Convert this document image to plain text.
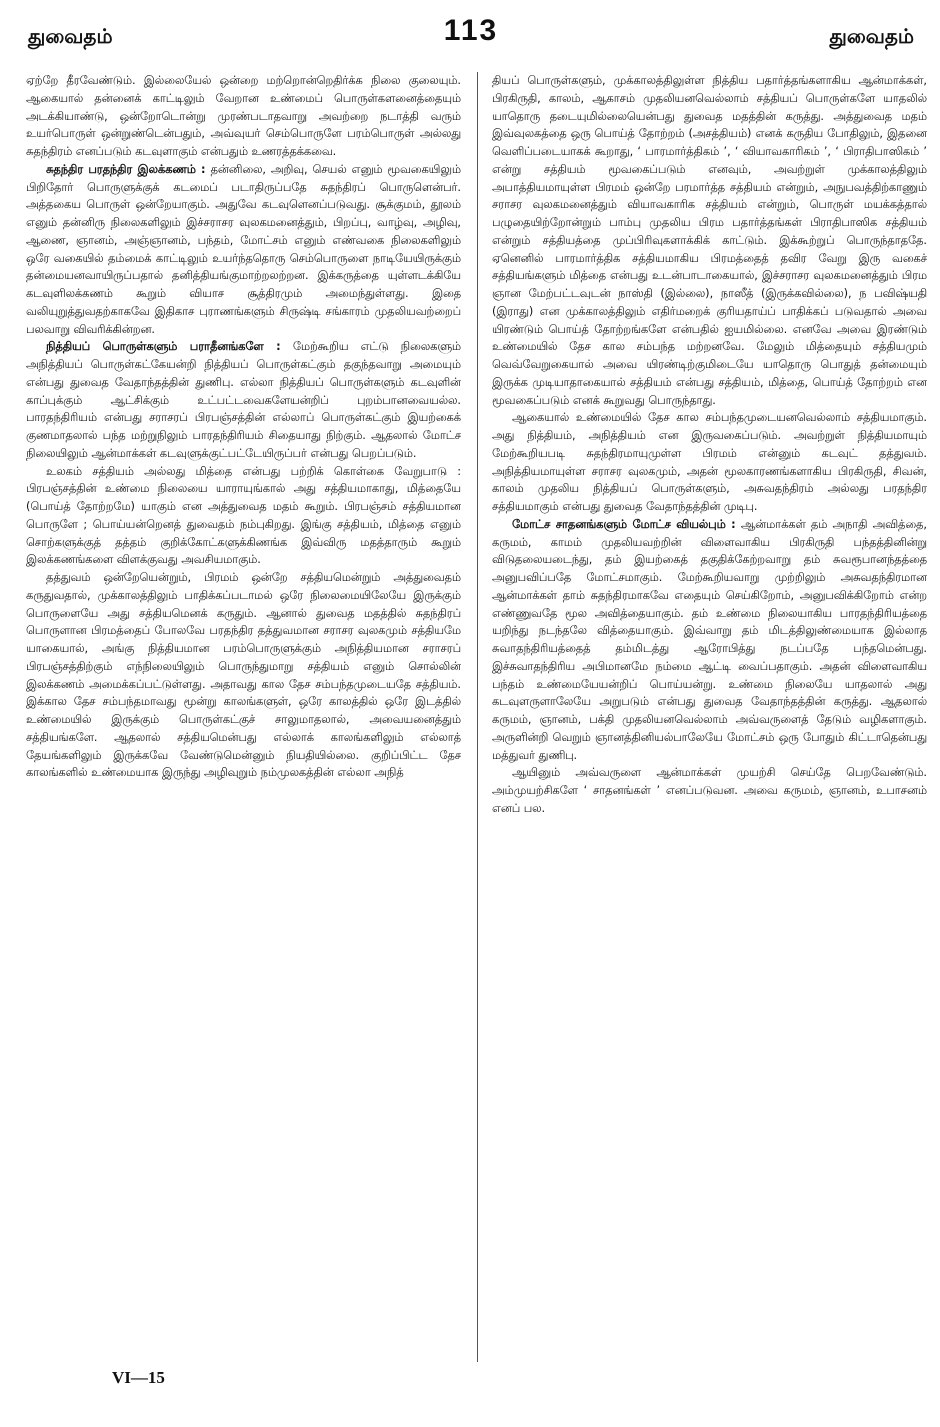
துவைதம்	113	துவைதம்

ஏற்றே தீரவேண்டும். இல்லையேல் ஒன்றை மற்றொன்றெதிர்க்க நிலை குலையும். ஆகையால் தன்னைக் காட்டிலும் வேறான உண்மைப் பொருள்களனைத்தையும் அடக்கியாண்டு, ஒன்றோடொன்று முரண்படாதவாறு அவற்றை நடாத்தி வரும் உயர்பொருள் ஒன்றுண்டென்பதும், அவ்வுயர் செம்பொருளே பரம்பொருள் அல்லது சுதந்திரம் எனப்படும் கடவுளாகும் என்பதும் உணரத்தக்கவை.

சுதந்திர பரதந்திர இலக்கணம் : தன்னிலை, அறிவு, செயல் எனும் மூவகையிலும் பிறிதோர் பொருளுக்குக் கடமைப் படாதிருப்பதே சுதந்திரப் பொருளென்பர். அத்தகைய பொருள் ஒன்றேயாகும். அதுவே கடவுளெனப்படுவது. சூக்குமம், தூலம் எனும் தன்னிரு நிலைகளிலும் இச்சராசர வுலகமனைத்தும், பிறப்பு, வாழ்வு, அழிவு, ஆணை, ஞானம், அஞ்ஞானம், பந்தம், மோட்சம் எனும் எண்வகை நிலைகளிலும் ஒரே வகையில் தம்மைக் காட்டிலும் உயர்ந்ததொரு செம்பொருளை நாடியேயிருக்கும் தன்மையனவாயிருப்பதால் தனித்தியங்குமாற்றலற்றன. இக்கருத்தை யுள்ளடக்கியே கடவுளிலக்கணம் கூறும் வியாச சூத்திரமும் அமைந்துள்ளது. இதை வலியுறுத்துவதற்காகவே இதிகாச புராணங்களும் சிருஷ்டி சங்காரம் முதலியவற்றைப் பலவாறு விவரிக்கின்றன.

நித்தியப் பொருள்களும் பராதீனங்களே : மேற்கூறிய எட்டு நிலைகளும் அநித்தியப் பொருள்கட்கேயன்றி நித்தியப் பொருள்கட்கும் தகுந்தவாறு அமையும் என்பது துவைத வேதாந்தத்தின் துணிபு. எல்லா நித்தியப் பொருள்களும் கடவுளின் காப்புக்கும் ஆட்சிக்கும் உட்பட்டவைகளேயன்றிப் புறம்பானவையல்ல. பாரதந்திரியம் என்பது சராசரப் பிரபஞ்சத்தின் எல்லாப் பொருள்கட்கும் இயற்கைக் குணமாதலால் பந்த மற்றுநிலும் பாரதந்திரியம் சிதையாது நிற்கும். ஆதலால் மோட்ச நிலையிலும் ஆன்மாக்கள் கடவுளுக்குட்பட்டேயிருப்பர் என்பது பெறப்படும்.

உலகம் சத்தியம் அல்லது மித்தை என்பது பற்றிக் கொள்கை வேறுபாடு : பிரபஞ்சத்தின் உண்மை நிலையை யாராயுங்கால் அது சத்தியமாகாது, மித்தையே (பொய்த் தோற்றமே) யாகும் என அத்துவைத மதம் கூறும். பிரபஞ்சம் சத்தியமான பொருளே ; பொய்யன்றெனத் துவைதம் நம்புகிறது. இங்கு சத்தியம், மித்தை எனும் சொற்களுக்குத் தத்தம் குறிக்கோட்களுக்கிணங்க இவ்விரு மதத்தாரும் கூறும் இலக்கணங்களை விளக்குவது அவசியமாகும்.

தத்துவம் ஒன்றேயென்றும், பிரமம் ஒன்றே சத்தியமென்றும் அத்துவைதம் கருதுவதால், முக்காலத்திலும் பாதிக்கப்படாமல் ஒரே நிலைமையிலேயே இருக்கும் பொருளையே அது சத்தியமெனக் கருதும். ஆனால் துவைத மதத்தில் சுதந்திரப் பொருளான பிரமத்தைப் போலவே பரதந்திர தத்துவமான சராசர வுலகமும் சத்தியமே யாகையால், அங்கு நித்தியமான பரம்பொருளுக்கும் அநித்தியமான சராசரப் பிரபஞ்சத்திற்கும் எந்நிலையிலும் பொருந்துமாறு சத்தியம் எனும் சொல்லின் இலக்கணம் அமைக்கப்பட்டுள்ளது. அதாவது கால தேச சம்பந்தமுடையதே சத்தியம். இக்கால தேச சம்பந்தமாவது மூன்று காலங்களுள், ஒரே காலத்தில் ஒரே இடத்தில் உண்மையில் இருக்கும் பொருள்கட்குச் சாலுமாதலால், அவையனைத்தும் சத்தியங்களே. ஆதலால் சத்தியமென்பது எல்லாக் காலங்களிலும் எல்லாத் தேயங்களிலும் இருக்கவே வேண்டுமென்னும் நியதியில்லை. குறிப்பிட்ட தேச காலங்களில் உண்மையாக இருந்து அழிவுறும் நம்முலகத்தின் எல்லா அநித்

தியப் பொருள்களும், முக்காலத்திலுள்ள நித்திய பதார்த்தங்களாகிய ஆன்மாக்கள், பிரகிருதி, காலம், ஆகாசம் முதலியனவெல்லாம் சத்தியப் பொருள்களே யாதலில் யாதொரு தடையுமில்லையென்பது துவைத மதத்தின் கருத்து. அத்துவைத மதம் இவ்வுலகத்தை ஒரு பொய்த் தோற்றம் (அசத்தியம்) எனக் கருதிய போதிலும், இதனை வெளிப்படையாகக் கூறாது, ‘ பாரமார்த்திகம் ’, ‘ வியாவகாரிகம் ’, ‘ பிராதிபாஸிகம் ’ என்று சத்தியம் மூவகைப்படும் எனவும், அவற்றுள் முக்காலத்திலும் அபாத்தியமாயுள்ள பிரமம் ஒன்றே பரமார்த்த சத்தியம் என்றும், அநுபவத்திற்காணும் சராசர வுலகமனைத்தும் வியாவகாரிக சத்தியம் என்றும், பொருள் மயக்கத்தால் பழுதையிற்றோன்றும் பாம்பு முதலிய பிரம பதார்த்தங்கள் பிராதிபாஸிக சத்தியம் என்றும் சத்தியத்தை முப்பிரிவுகளாக்கிக் காட்டும். இக்கூற்றுப் பொருந்தாததே. ஏனெனில் பாரமார்த்திக சத்தியமாகிய பிரமத்தைத் தவிர வேறு இரு வகைச் சத்தியங்களும் மித்தை என்பது உடன்பாடாகையால், இச்சராசர வுலகமனைத்தும் பிரம ஞான மேற்பட்டவுடன் நாஸ்தி (இல்லை), நாஸீத் (இருக்கவில்லை), ந பவிஷ்யதி (இராது) என முக்காலத்திலும் எதிர்மறைக் குரியதாய்ப் பாதிக்கப் படுவதால் அவை யிரண்டும் பொய்த் தோற்றங்களே என்பதில் ஐயமில்லை. எனவே அவை இரண்டும் உண்மையில் தேச கால சம்பந்த மற்றனவே. மேலும் மித்தையும் சத்தியமும் வெவ்வேறுகையால் அவை யிரண்டிற்குமிடையே யாதொரு பொதுத் தன்மையும் இருக்க முடியாதாகையால் சத்தியம் என்பது சத்தியம், மித்தை, பொய்த் தோற்றம் என மூவகைப்படும் எனக் கூறுவது பொருந்தாது.

ஆகையால் உண்மையில் தேச கால சம்பந்தமுடையனவெல்லாம் சத்தியமாகும். அது நித்தியம், அநித்தியம் என இருவகைப்படும். அவற்றுள் நித்தியமாயும் மேற்கூறியபடி சுதந்திரமாயுமுள்ள பிரமம் என்னும் கடவுட் தத்துவம். அநித்தியமாயுள்ள சராசர வுலகமும், அதன் மூலகாரணங்களாகிய பிரகிருதி, சிவன், காலம் முதலிய நித்தியப் பொருள்களும், அசுவதந்திரம் அல்லது பரதந்திர சத்தியமாகும் என்பது துவைத வேதாந்தத்தின் முடிபு.

மோட்ச சாதனங்களும் மோட்ச வியல்பும் : ஆன்மாக்கள் தம் அநாதி அவித்தை, கருமம், காமம் முதலியவற்றின் விளைவாகிய பிரகிருதி பந்தத்தினின்று விடுதலையடைந்து, தம் இயற்கைத் தகுதிக்கேற்றவாறு தம் சுவரூபானந்தத்தை அனுபவிப்பதே மோட்சமாகும். மேற்கூறியவாறு முற்றிலும் அசுவதந்திரமான ஆன்மாக்கள் தாம் சுதந்திரமாகவே எதையும் செய்கிறோம், அனுபவிக்கிறோம் என்ற எண்ணுவதே மூல அவித்தையாகும். தம் உண்மை நிலையாகிய பாரதந்திரியத்தை யறிந்து நடந்தலே வித்தையாகும். இவ்வாறு தம் மிடத்திலுண்மையாக இல்லாத சுவாதந்திரியத்தைத் தம்மிடத்து ஆரோபித்து நடப்பதே பந்தமென்பது. இச்சுவாதந்திரிய அபிமானமே நம்மை ஆட்டி வைப்பதாகும். அதன் விளைவாகிய பந்தம் உண்மையேயன்றிப் பொய்யன்று. உண்மை நிலையே யாதலால் அது கடவுளருளாலேயே அறுபடும் என்பது துவைத வேதாந்தத்தின் கருத்து. ஆதலால் கருமம், ஞானம், பக்தி முதலியனவெல்லாம் அவ்வருளைத் தேடும் வழிகளாகும். அருளின்றி வெறும் ஞானத்தினியல்பாலேயே மோட்சம் ஒரு போதும் கிட்டாதென்பது மத்துவர் துணிபு.

ஆயினும் அவ்வருளை ஆன்மாக்கள் முயற்சி செய்தே பெறவேண்டும். அம்முயற்சிகளே ‘ சாதனங்கள் ’ எனப்படுவன. அவை கருமம், ஞானம், உபாசனம் எனப் பல.

VI—15
